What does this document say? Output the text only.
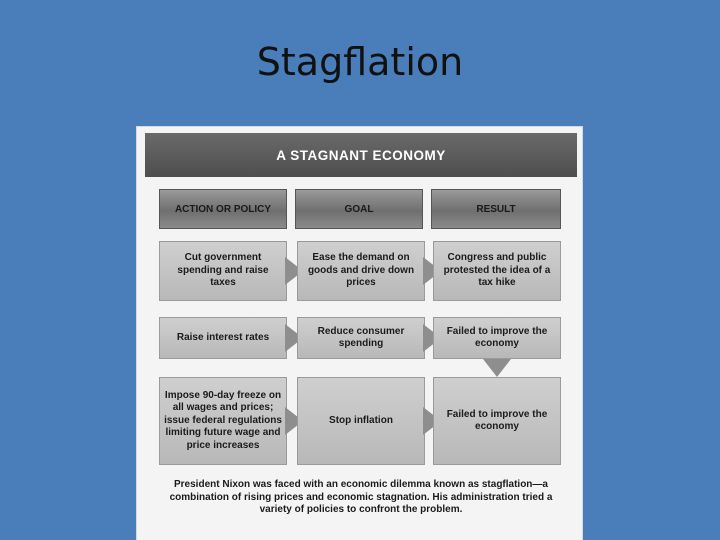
Stagflation
A STAGNANT ECONOMY
ACTION OR POLICY	GOAL	RESULT
Cut government spending and raise taxes
Ease the demand on goods and drive down prices
Congress and public protested the idea of a tax hike
Raise interest rates
Reduce consumer spending
Failed to improve the economy
Impose 90-day freeze on all wages and prices; issue federal regulations limiting future wage and price increases
Stop inflation
Failed to improve the economy
President Nixon was faced with an economic dilemma known as stagflation—a combination of rising prices and economic stagnation. His administration tried a variety of policies to confront the problem.
